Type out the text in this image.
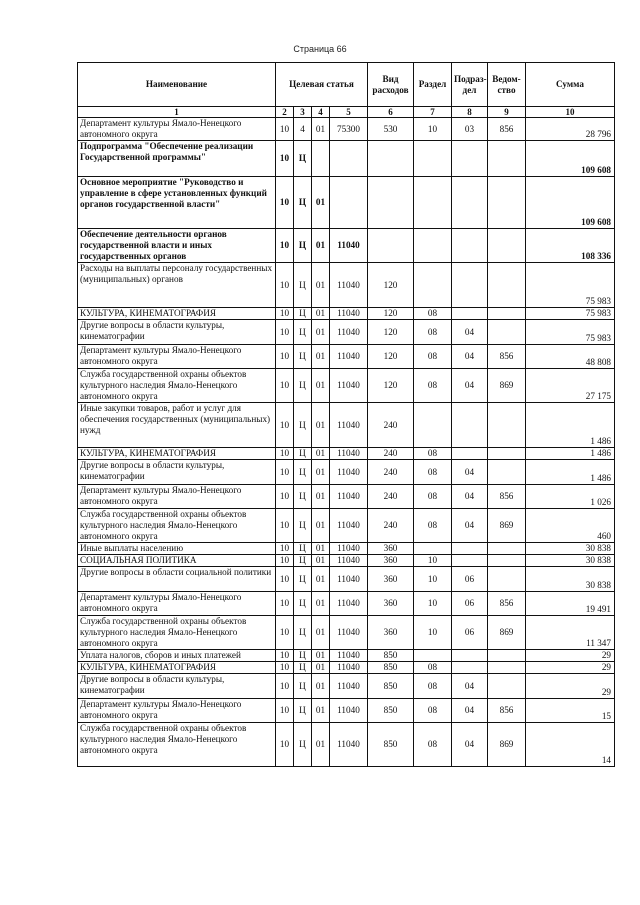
Страница 66
Наименование	Целевая статья				Вид расходов	Раздел	Подраз-дел	Ведом-ство	Сумма
1	2	3	4	5	6	7	8	9	10
Департамент культуры Ямало-Ненецкого автономного округа	10	4	01	75300	530	10	03	856	28 796
Подпрограмма "Обеспечение реализации Государственной программы"	10	Ц							109 608
Основное мероприятие "Руководство и управление в сфере установленных функций органов государственной власти"	10	Ц	01						109 608
Обеспечение деятельности органов государственной власти и иных государственных органов	10	Ц	01	11040					108 336
Расходы на выплаты персоналу государственных (муниципальных) органов	10	Ц	01	11040	120				75 983
КУЛЬТУРА, КИНЕМАТОГРАФИЯ	10	Ц	01	11040	120	08			75 983
Другие вопросы в области культуры, кинематографии	10	Ц	01	11040	120	08	04		75 983
Департамент культуры Ямало-Ненецкого автономного округа	10	Ц	01	11040	120	08	04	856	48 808
Служба государственной охраны объектов культурного наследия Ямало-Ненецкого автономного округа	10	Ц	01	11040	120	08	04	869	27 175
Иные закупки товаров, работ и услуг для обеспечения государственных (муниципальных) нужд	10	Ц	01	11040	240				1 486
КУЛЬТУРА, КИНЕМАТОГРАФИЯ	10	Ц	01	11040	240	08			1 486
Другие вопросы в области культуры, кинематографии	10	Ц	01	11040	240	08	04		1 486
Департамент культуры Ямало-Ненецкого автономного округа	10	Ц	01	11040	240	08	04	856	1 026
Служба государственной охраны объектов культурного наследия Ямало-Ненецкого автономного округа	10	Ц	01	11040	240	08	04	869	460
Иные выплаты населению	10	Ц	01	11040	360				30 838
СОЦИАЛЬНАЯ ПОЛИТИКА	10	Ц	01	11040	360	10			30 838
Другие вопросы в области социальной политики	10	Ц	01	11040	360	10	06		30 838
Департамент культуры Ямало-Ненецкого автономного округа	10	Ц	01	11040	360	10	06	856	19 491
Служба государственной охраны объектов культурного наследия Ямало-Ненецкого автономного округа	10	Ц	01	11040	360	10	06	869	11 347
Уплата налогов, сборов и иных платежей	10	Ц	01	11040	850				29
КУЛЬТУРА, КИНЕМАТОГРАФИЯ	10	Ц	01	11040	850	08			29
Другие вопросы в области культуры, кинематографии	10	Ц	01	11040	850	08	04		29
Департамент культуры Ямало-Ненецкого автономного округа	10	Ц	01	11040	850	08	04	856	15
Служба государственной охраны объектов культурного наследия Ямало-Ненецкого автономного округа	10	Ц	01	11040	850	08	04	869	14
